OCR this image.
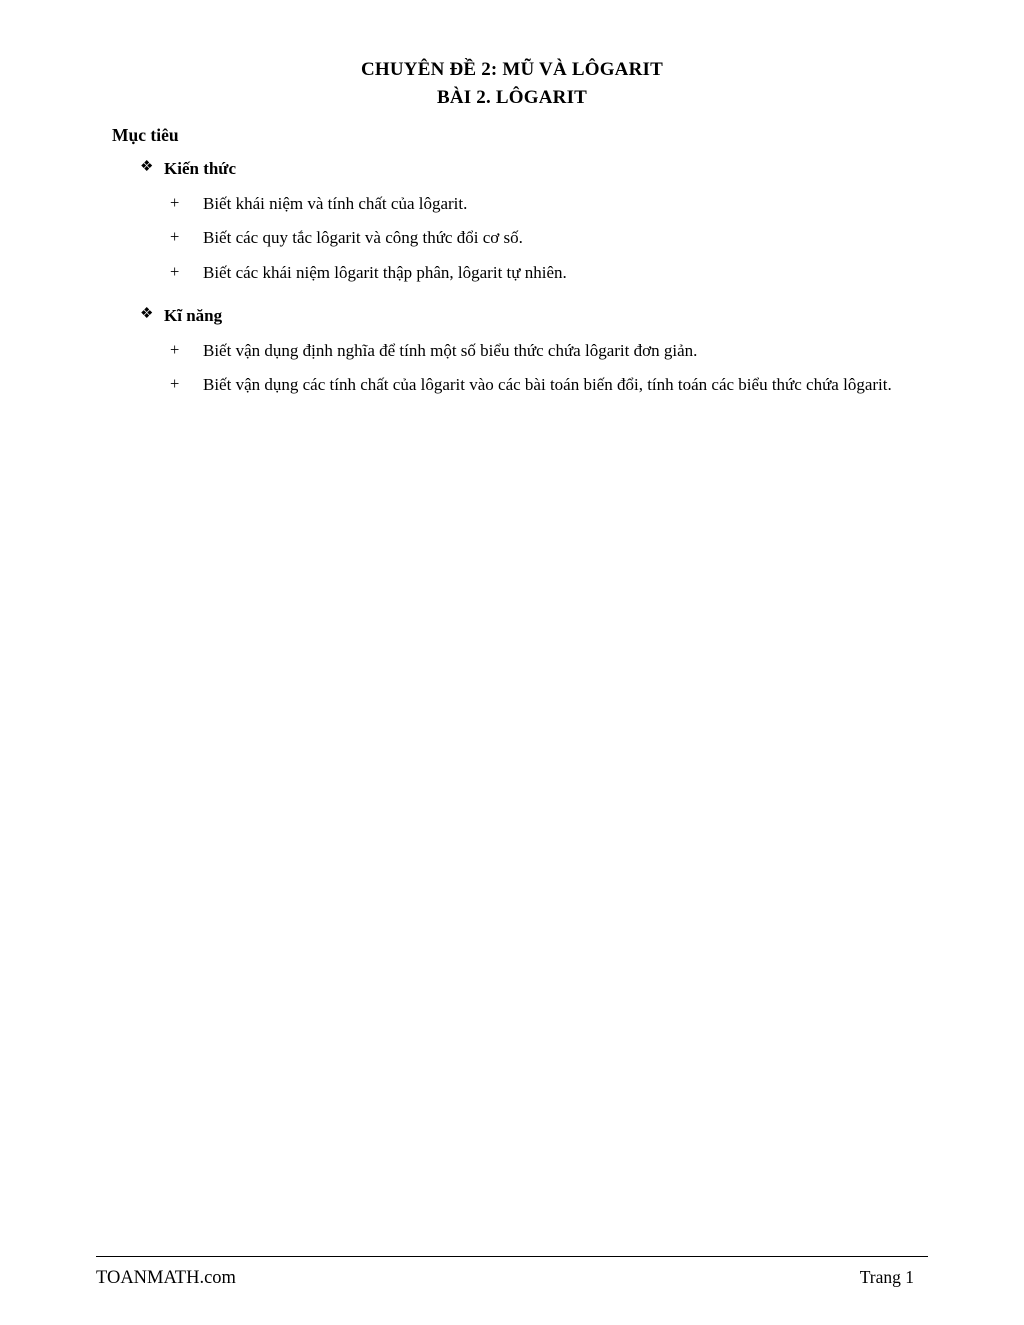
CHUYÊN ĐỀ 2: MŨ VÀ LÔGARIT
BÀI 2. LÔGARIT
Mục tiêu
❖ Kiến thức
+	Biết khái niệm và tính chất của lôgarit.
+	Biết các quy tắc lôgarit và công thức đổi cơ số.
+	Biết các khái niệm lôgarit thập phân, lôgarit tự nhiên.
❖ Kĩ năng
+	Biết vận dụng định nghĩa để tính một số biểu thức chứa lôgarit đơn giản.
+	Biết vận dụng các tính chất của lôgarit vào các bài toán biến đổi, tính toán các biểu thức chứa lôgarit.
TOANMATH.com	Trang 1
